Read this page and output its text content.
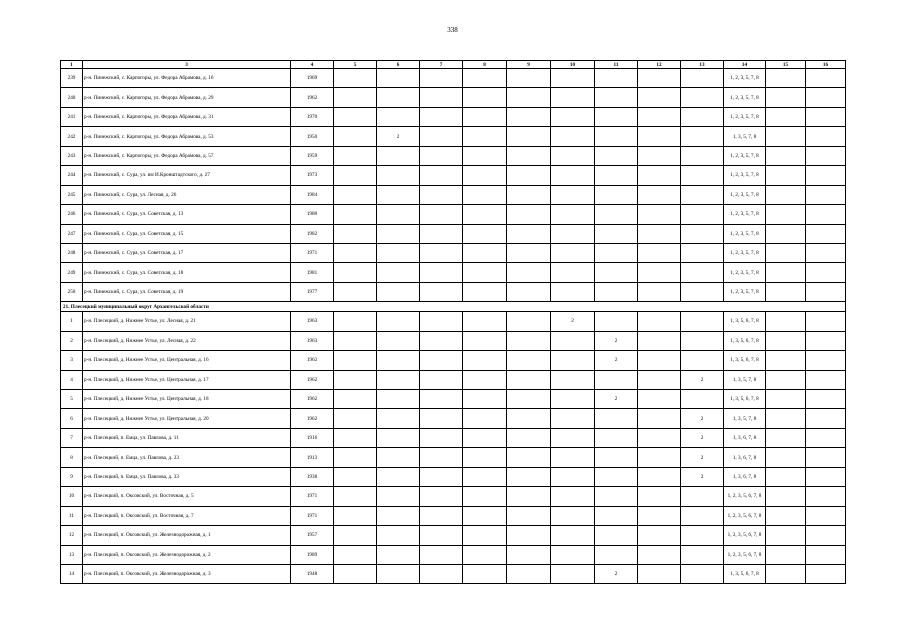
338
1	3	4	5	6	7	8	9	10	11	12	13	14	15	16
239	р-н. Пинежский, с. Карпогоры, ул. Федора Абрамова, д. 16	1969										1, 2, 3, 5, 7, 8		
240	р-н. Пинежский, с. Карпогоры, ул. Федора Абрамова, д. 29	1962										1, 2, 3, 5, 7, 8		
241	р-н. Пинежский, с. Карпогоры, ул. Федора Абрамова, д. 31	1970										1, 2, 3, 5, 7, 8		
242	р-н. Пинежский, с. Карпогоры, ул. Федора Абрамова, д. 53	1950		2								1, 3, 5, 7, 8		
243	р-н. Пинежский, с. Карпогоры, ул. Федора Абрамова, д. 57	1959										1, 2, 3, 5, 7, 8		
244	р-н. Пинежский, с. Сура, ул. им И.Кронштадтского, д. 27	1973										1, 2, 3, 5, 7, 8		
245	р-н. Пинежский, с. Сура, ул. Лесная, д. 26	1984										1, 2, 3, 5, 7, 8		
246	р-н. Пинежский, с. Сура, ул. Советская, д. 13	1980										1, 2, 3, 5, 7, 8		
247	р-н. Пинежский, с. Сура, ул. Советская, д. 15	1982										1, 2, 3, 5, 7, 8		
248	р-н. Пинежский, с. Сура, ул. Советская, д. 17	1971										1, 2, 3, 5, 7, 8		
249	р-н. Пинежский, с. Сура, ул. Советская, д. 18	1981										1, 2, 3, 5, 7, 8		
250	р-н. Пинежский, с. Сура, ул. Советская, д. 19	1977										1, 2, 3, 5, 7, 8		
21. Плесецкий муниципальный округ Архангельской области														
1	р-н. Плесецкий, д. Нижнее Устье, ул. Лесная, д. 21	1963						2				1, 3, 5, 6, 7, 8		
2	р-н. Плесецкий, д. Нижнее Устье, ул. Лесная, д. 22	1963							2			1, 3, 5, 6, 7, 8		
3	р-н. Плесецкий, д. Нижнее Устье, ул. Центральная, д. 16	1962							2			1, 3, 5, 6, 7, 8		
4	р-н. Плесецкий, д. Нижнее Устье, ул. Центральная, д. 17	1962									2	1, 3, 5, 7, 8		
5	р-н. Плесецкий, д. Нижнее Устье, ул. Центральная, д. 18	1962							2			1, 3, 5, 6, 7, 8		
6	р-н. Плесецкий, д. Нижнее Устье, ул. Центральная, д. 20	1962									2	1, 3, 5, 7, 8		
7	р-н. Плесецкий, п. Емца, ул. Павлова, д. 11	1916									2	1, 3, 6, 7, 8		
8	р-н. Плесецкий, п. Емца, ул. Павлова, д. 23	1913									2	1, 3, 6, 7, 8		
9	р-н. Плесецкий, п. Емца, ул. Павлова, д. 33	1938									2	1, 3, 6, 7, 8		
10	р-н. Плесецкий, п. Оксовский, ул. Восточная, д. 5	1971										1, 2, 3, 5, 6, 7, 8		
11	р-н. Плесецкий, п. Оксовский, ул. Восточная, д. 7	1971										1, 2, 3, 5, 6, 7, 8		
12	р-н. Плесецкий, п. Оксовский, ул. Железнодорожная, д. 1	1957										1, 2, 3, 5, 6, 7, 8		
13	р-н. Плесецкий, п. Оксовский, ул. Железнодорожная, д. 2	1989										1, 2, 3, 5, 6, 7, 8		
14	р-н. Плесецкий, п. Оксовский, ул. Железнодорожная, д. 3	1948							2			1, 3, 5, 6, 7, 8		
